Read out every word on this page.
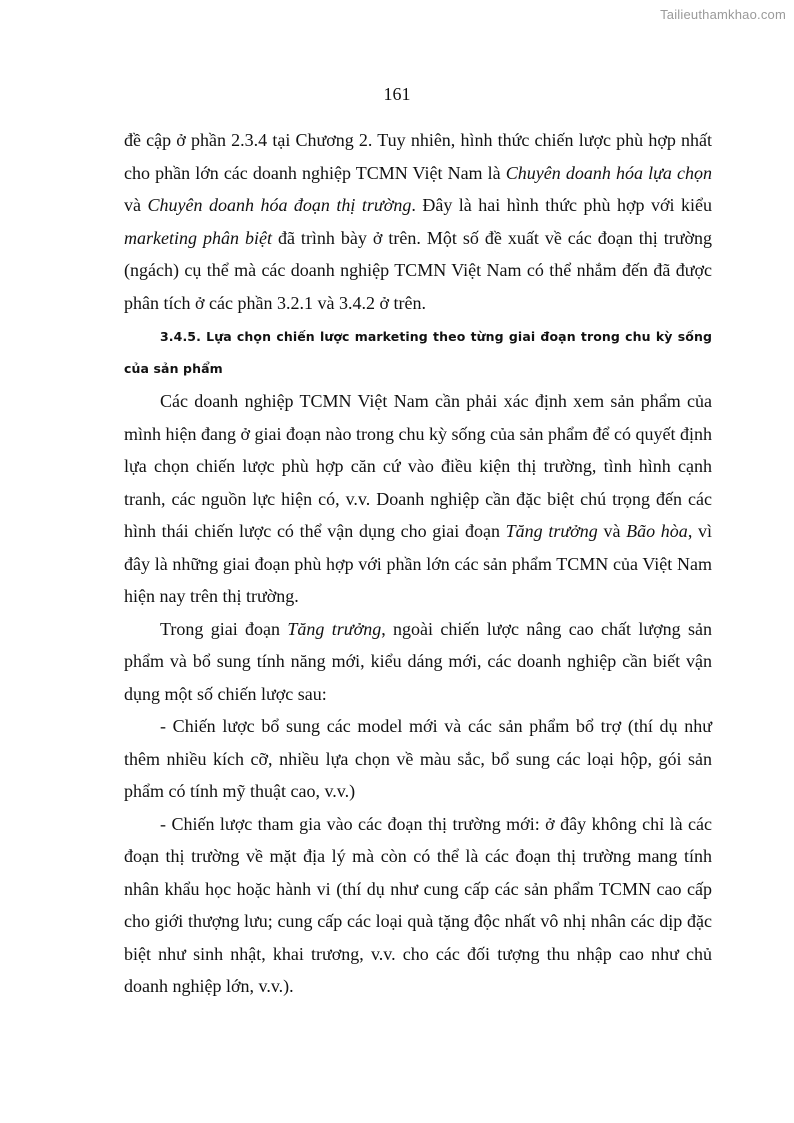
Tailieuthamkhao.com
161

đề cập ở phần 2.3.4 tại Chương 2. Tuy nhiên, hình thức chiến lược phù hợp nhất cho phần lớn các doanh nghiệp TCMN Việt Nam là Chuyên doanh hóa lựa chọn và Chuyên doanh hóa đoạn thị trường. Đây là hai hình thức phù hợp với kiểu marketing phân biệt đã trình bày ở trên. Một số đề xuất về các đoạn thị trường (ngách) cụ thể mà các doanh nghiệp TCMN Việt Nam có thể nhắm đến đã được phân tích ở các phần 3.2.1 và 3.4.2 ở trên.

3.4.5. Lựa chọn chiến lược marketing theo từng giai đoạn trong chu kỳ sống của sản phẩm

Các doanh nghiệp TCMN Việt Nam cần phải xác định xem sản phẩm của mình hiện đang ở giai đoạn nào trong chu kỳ sống của sản phẩm để có quyết định lựa chọn chiến lược phù hợp căn cứ vào điều kiện thị trường, tình hình cạnh tranh, các nguồn lực hiện có, v.v. Doanh nghiệp cần đặc biệt chú trọng đến các hình thái chiến lược có thể vận dụng cho giai đoạn Tăng trưởng và Bão hòa, vì đây là những giai đoạn phù hợp với phần lớn các sản phẩm TCMN của Việt Nam hiện nay trên thị trường.

Trong giai đoạn Tăng trưởng, ngoài chiến lược nâng cao chất lượng sản phẩm và bổ sung tính năng mới, kiểu dáng mới, các doanh nghiệp cần biết vận dụng một số chiến lược sau:

- Chiến lược bổ sung các model mới và các sản phẩm bổ trợ (thí dụ như thêm nhiều kích cỡ, nhiều lựa chọn về màu sắc, bổ sung các loại hộp, gói sản phẩm có tính mỹ thuật cao, v.v.)

- Chiến lược tham gia vào các đoạn thị trường mới: ở đây không chỉ là các đoạn thị trường về mặt địa lý mà còn có thể là các đoạn thị trường mang tính nhân khẩu học hoặc hành vi (thí dụ như cung cấp các sản phẩm TCMN cao cấp cho giới thượng lưu; cung cấp các loại quà tặng độc nhất vô nhị nhân các dịp đặc biệt như sinh nhật, khai trương, v.v. cho các đối tượng thu nhập cao như chủ doanh nghiệp lớn, v.v.).
